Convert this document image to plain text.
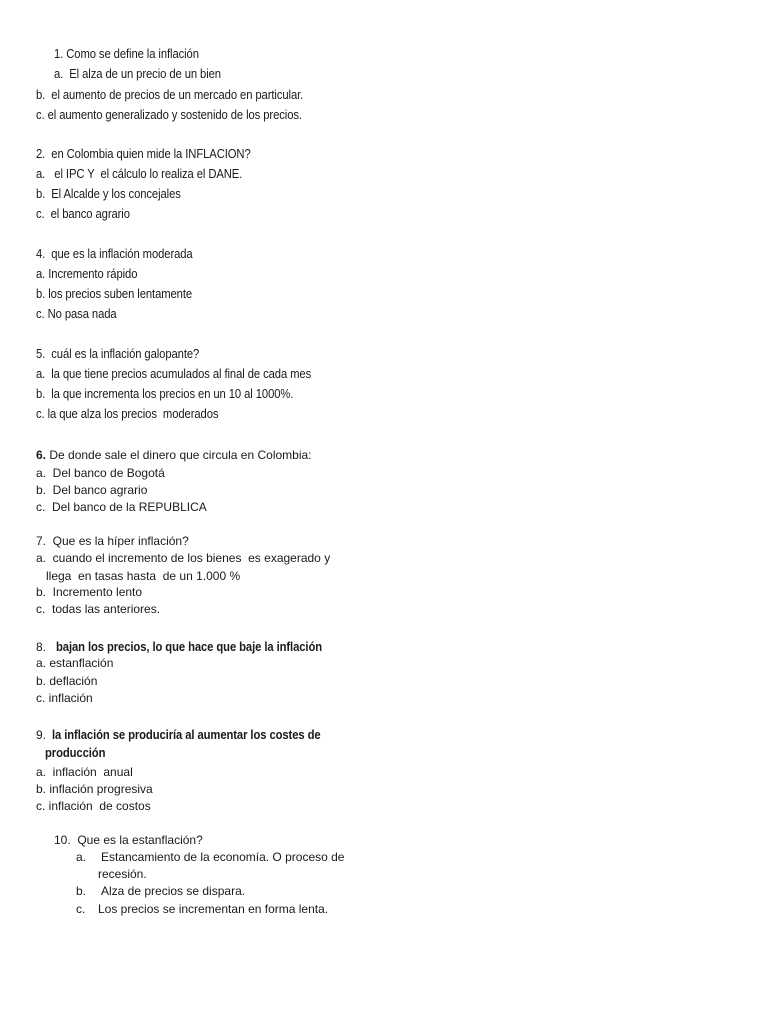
1. Como se define la inflación
a.  El alza de un precio de un bien
b.  el aumento de precios de un mercado en particular.
c. el aumento generalizado y sostenido de los precios.
2.  en Colombia quien mide la INFLACION?
a.   el IPC Y  el cálculo lo realiza el DANE.
b.  El Alcalde y los concejales
c.  el banco agrario
4.  que es la inflación moderada
a. Incremento rápido
b. los precios suben lentamente
c. No pasa nada
5.  cuál es la inflación galopante?
a.  la que tiene precios acumulados al final de cada mes
b.  la que incrementa los precios en un 10 al 1000%.
c. la que alza los precios  moderados
6. De donde sale el dinero que circula en Colombia:
a.  Del banco de Bogotá
b.  Del banco agrario
c.  Del banco de la REPUBLICA
7.  Que es la híper inflación?
a.  cuando el incremento de los bienes  es exagerado y
llega  en tasas hasta  de un 1.000 %
b.  Incremento lento
c.  todas las anteriores.
8. bajan los precios, lo que hace que baje la inflación
a. estanflación
b. deflación
c. inflación
9. la inflación se produciría al aumentar los costes de
producción
a.  inflación  anual
b. inflación progresiva
c. inflación  de costos
10.  Que es la estanflación?
a. Estancamiento de la economía. O proceso de
recesión.
b. Alza de precios se dispara.
c. Los precios se incrementan en forma lenta.
